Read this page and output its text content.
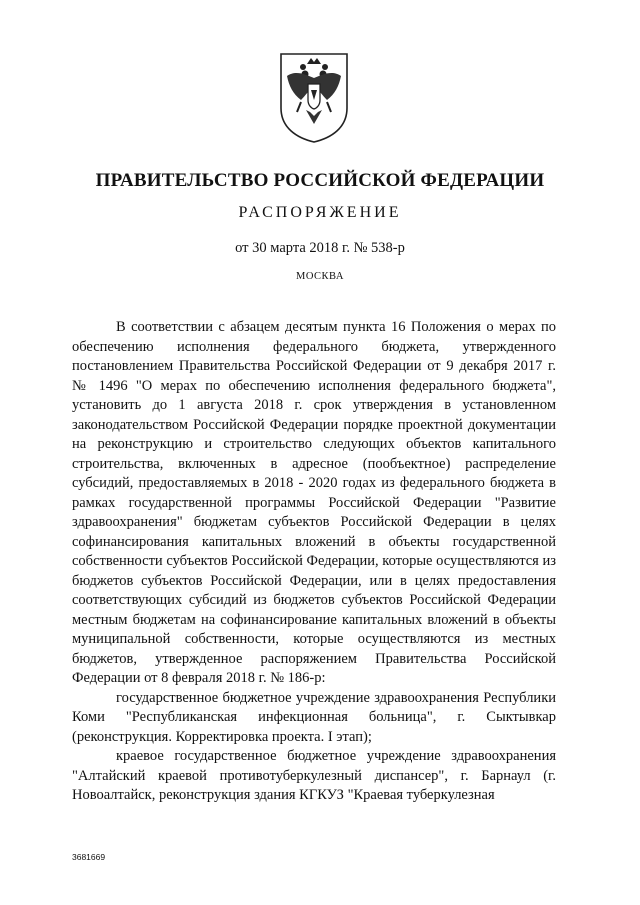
ПРАВИТЕЛЬСТВО РОССИЙСКОЙ ФЕДЕРАЦИИ
РАСПОРЯЖЕНИЕ
от 30 марта 2018 г. № 538-р
МОСКВА

В соответствии с абзацем десятым пункта 16 Положения о мерах по обеспечению исполнения федерального бюджета, утвержденного постановлением Правительства Российской Федерации от 9 декабря 2017 г. № 1496 "О мерах по обеспечению исполнения федерального бюджета", установить до 1 августа 2018 г. срок утверждения в установленном законодательством Российской Федерации порядке проектной документации на реконструкцию и строительство следующих объектов капитального строительства, включенных в адресное (пообъектное) распределение субсидий, предоставляемых в 2018 - 2020 годах из федерального бюджета в рамках государственной программы Российской Федерации "Развитие здравоохранения" бюджетам субъектов Российской Федерации в целях софинансирования капитальных вложений в объекты государственной собственности субъектов Российской Федерации, которые осуществляются из бюджетов субъектов Российской Федерации, или в целях предоставления соответствующих субсидий из бюджетов субъектов Российской Федерации местным бюджетам на софинансирование капитальных вложений в объекты муниципальной собственности, которые осуществляются из местных бюджетов, утвержденное распоряжением Правительства Российской Федерации от 8 февраля 2018 г. № 186-р:

государственное бюджетное учреждение здравоохранения Республики Коми "Республиканская инфекционная больница", г. Сыктывкар (реконструкция. Корректировка проекта. I этап);

краевое государственное бюджетное учреждение здравоохранения "Алтайский краевой противотуберкулезный диспансер", г. Барнаул (г. Новоалтайск, реконструкция здания КГКУЗ "Краевая туберкулезная

3681669
